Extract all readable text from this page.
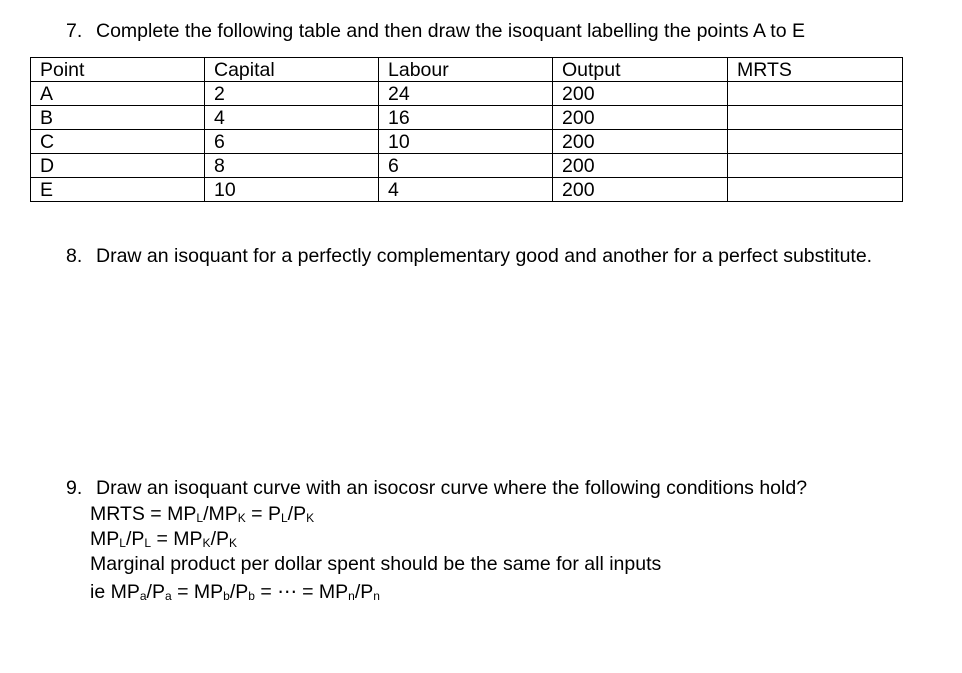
7. Complete the following table and then draw the isoquant labelling the points A to E
Point	Capital	Labour	Output	MRTS
A	2	24	200	
B	4	16	200	
C	6	10	200	
D	8	6	200	
E	10	4	200	
8. Draw an isoquant for a perfectly complementary good and another for a perfect substitute.
9. Draw an isoquant curve with an isocosr curve where the following conditions hold?
MRTS = $MP_L/MP_K = P_L/P_K$
$MP_L/P_L = MP_K/P_K$
Marginal product per dollar spent should be the same for all inputs
ie $MP_a/P_a = MP_b/P_b$ = ⋯ = $MP_n/P_n$
